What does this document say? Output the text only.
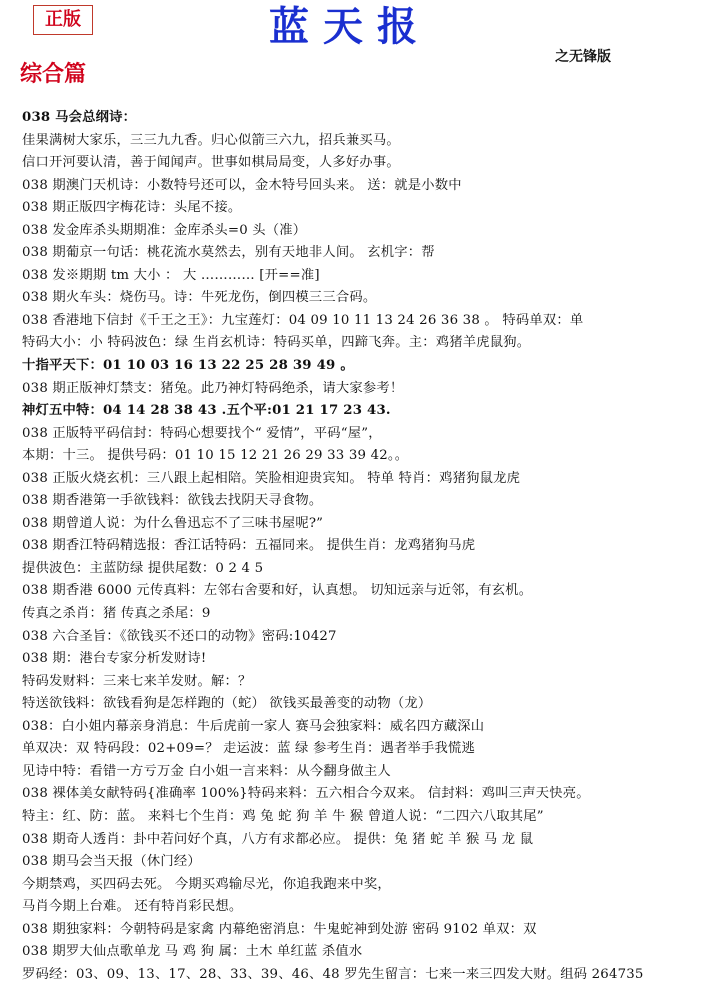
正版	蓝天报
之无锋版
综合篇
038 马会总纲诗：
佳果满树大家乐，三三九九香。归心似箭三六九，招兵兼买马。
信口开河要认清，善于闻闻声。世事如棋局局变，人多好办事。
038 期澳门天机诗：小数特号还可以，金木特号回头来。 送：就是小数中
038 期正版四字梅花诗：头尾不接。
038 发金库杀头期期准：金库杀头=0 头（准）
038 期葡京一句话：桃花流水莫然去，别有天地非人间。 玄机字：帮
038 发※期期 tm 大小 ： 大 ………… [开==准]
038 期火车头：烧伤马。诗：牛死龙伤，倒四模三三合码。
038 香港地下信封《千王之王》：九宝莲灯：04 09 10 11 13 24 26 36 38 。 特码单双：单
特码大小：小 特码波色：绿 生肖玄机诗：特码买单，四蹄飞奔。主：鸡猪羊虎鼠狗。
十指平天下：01 10 03 16 13 22 25 28 39 49 。
038 期正版神灯禁支：猪兔。此乃神灯特码绝杀，请大家参考！
神灯五中特：04 14 28 38 43 .五个平:01 21 17 23 43.
038 正版特平码信封：特码心想要找个“ 爱情”，平码“屋”，
本期：十三。 提供号码：01 10 15 12 21 26 29 33 39 42。。
038 正版火烧玄机：三八跟上起相陪。笑脸相迎贵宾知。 特单 特肖：鸡猪狗鼠龙虎
038 期香港第一手欲钱料：欲钱去找阴天寻食物。
038 期曾道人说：为什么鲁迅忘不了三味书屋呢?”
038 期香江特码精选报：香江话特码：五福同来。 提供生肖：龙鸡猪狗马虎
提供波色：主蓝防绿 提供尾数：0 2 4 5
038 期香港 6000 元传真料：左邻右舍要和好，认真想。 切知远亲与近邻，有玄机。
传真之杀肖：猪 传真之杀尾：9
038 六合圣旨：《欲钱买不还口的动物》密码:10427
038 期：港台专家分析发财诗!
特码发财料：三来七来羊发财。解：？
特送欲钱料：欲钱看狗是怎样跑的（蛇） 欲钱买最善变的动物（龙）
038：白小姐内幕亲身消息：牛后虎前一家人 赛马会独家料：威名四方藏深山
单双决：双 特码段：02+09=？ 走运波：蓝 绿 参考生肖：遇者举手我慌逃
见诗中特：看错一方亏万金 白小姐一言来料：从今翻身做主人
038 裸体美女献特码{准确率 100%}特码来料：五六相合今双来。 信封料：鸡叫三声天快亮。
特主：红、防：蓝。 来料七个生肖：鸡 兔 蛇 狗 羊 牛 猴 曾道人说：“二四六八取其尾”
038 期奇人透肖：卦中若问好个真，八方有求都必应。 提供：兔 猪 蛇 羊 猴 马 龙 鼠
038 期马会当天报（休门经）
今期禁鸡，买四码去死。 今期买鸡输尽光，你追我跑来中奖，
马肖今期上台难。 还有特肖彩民想。
038 期独家料：今朝特码是家禽 内幕绝密消息：牛鬼蛇神到处游 密码 9102 单双：双
038 期罗大仙点歌单龙 马 鸡 狗 属：土木 单红蓝 杀值水
罗码经：03、09、13、17、28、33、39、46、48 罗先生留言：七来一来三四发大财。组码 264735
